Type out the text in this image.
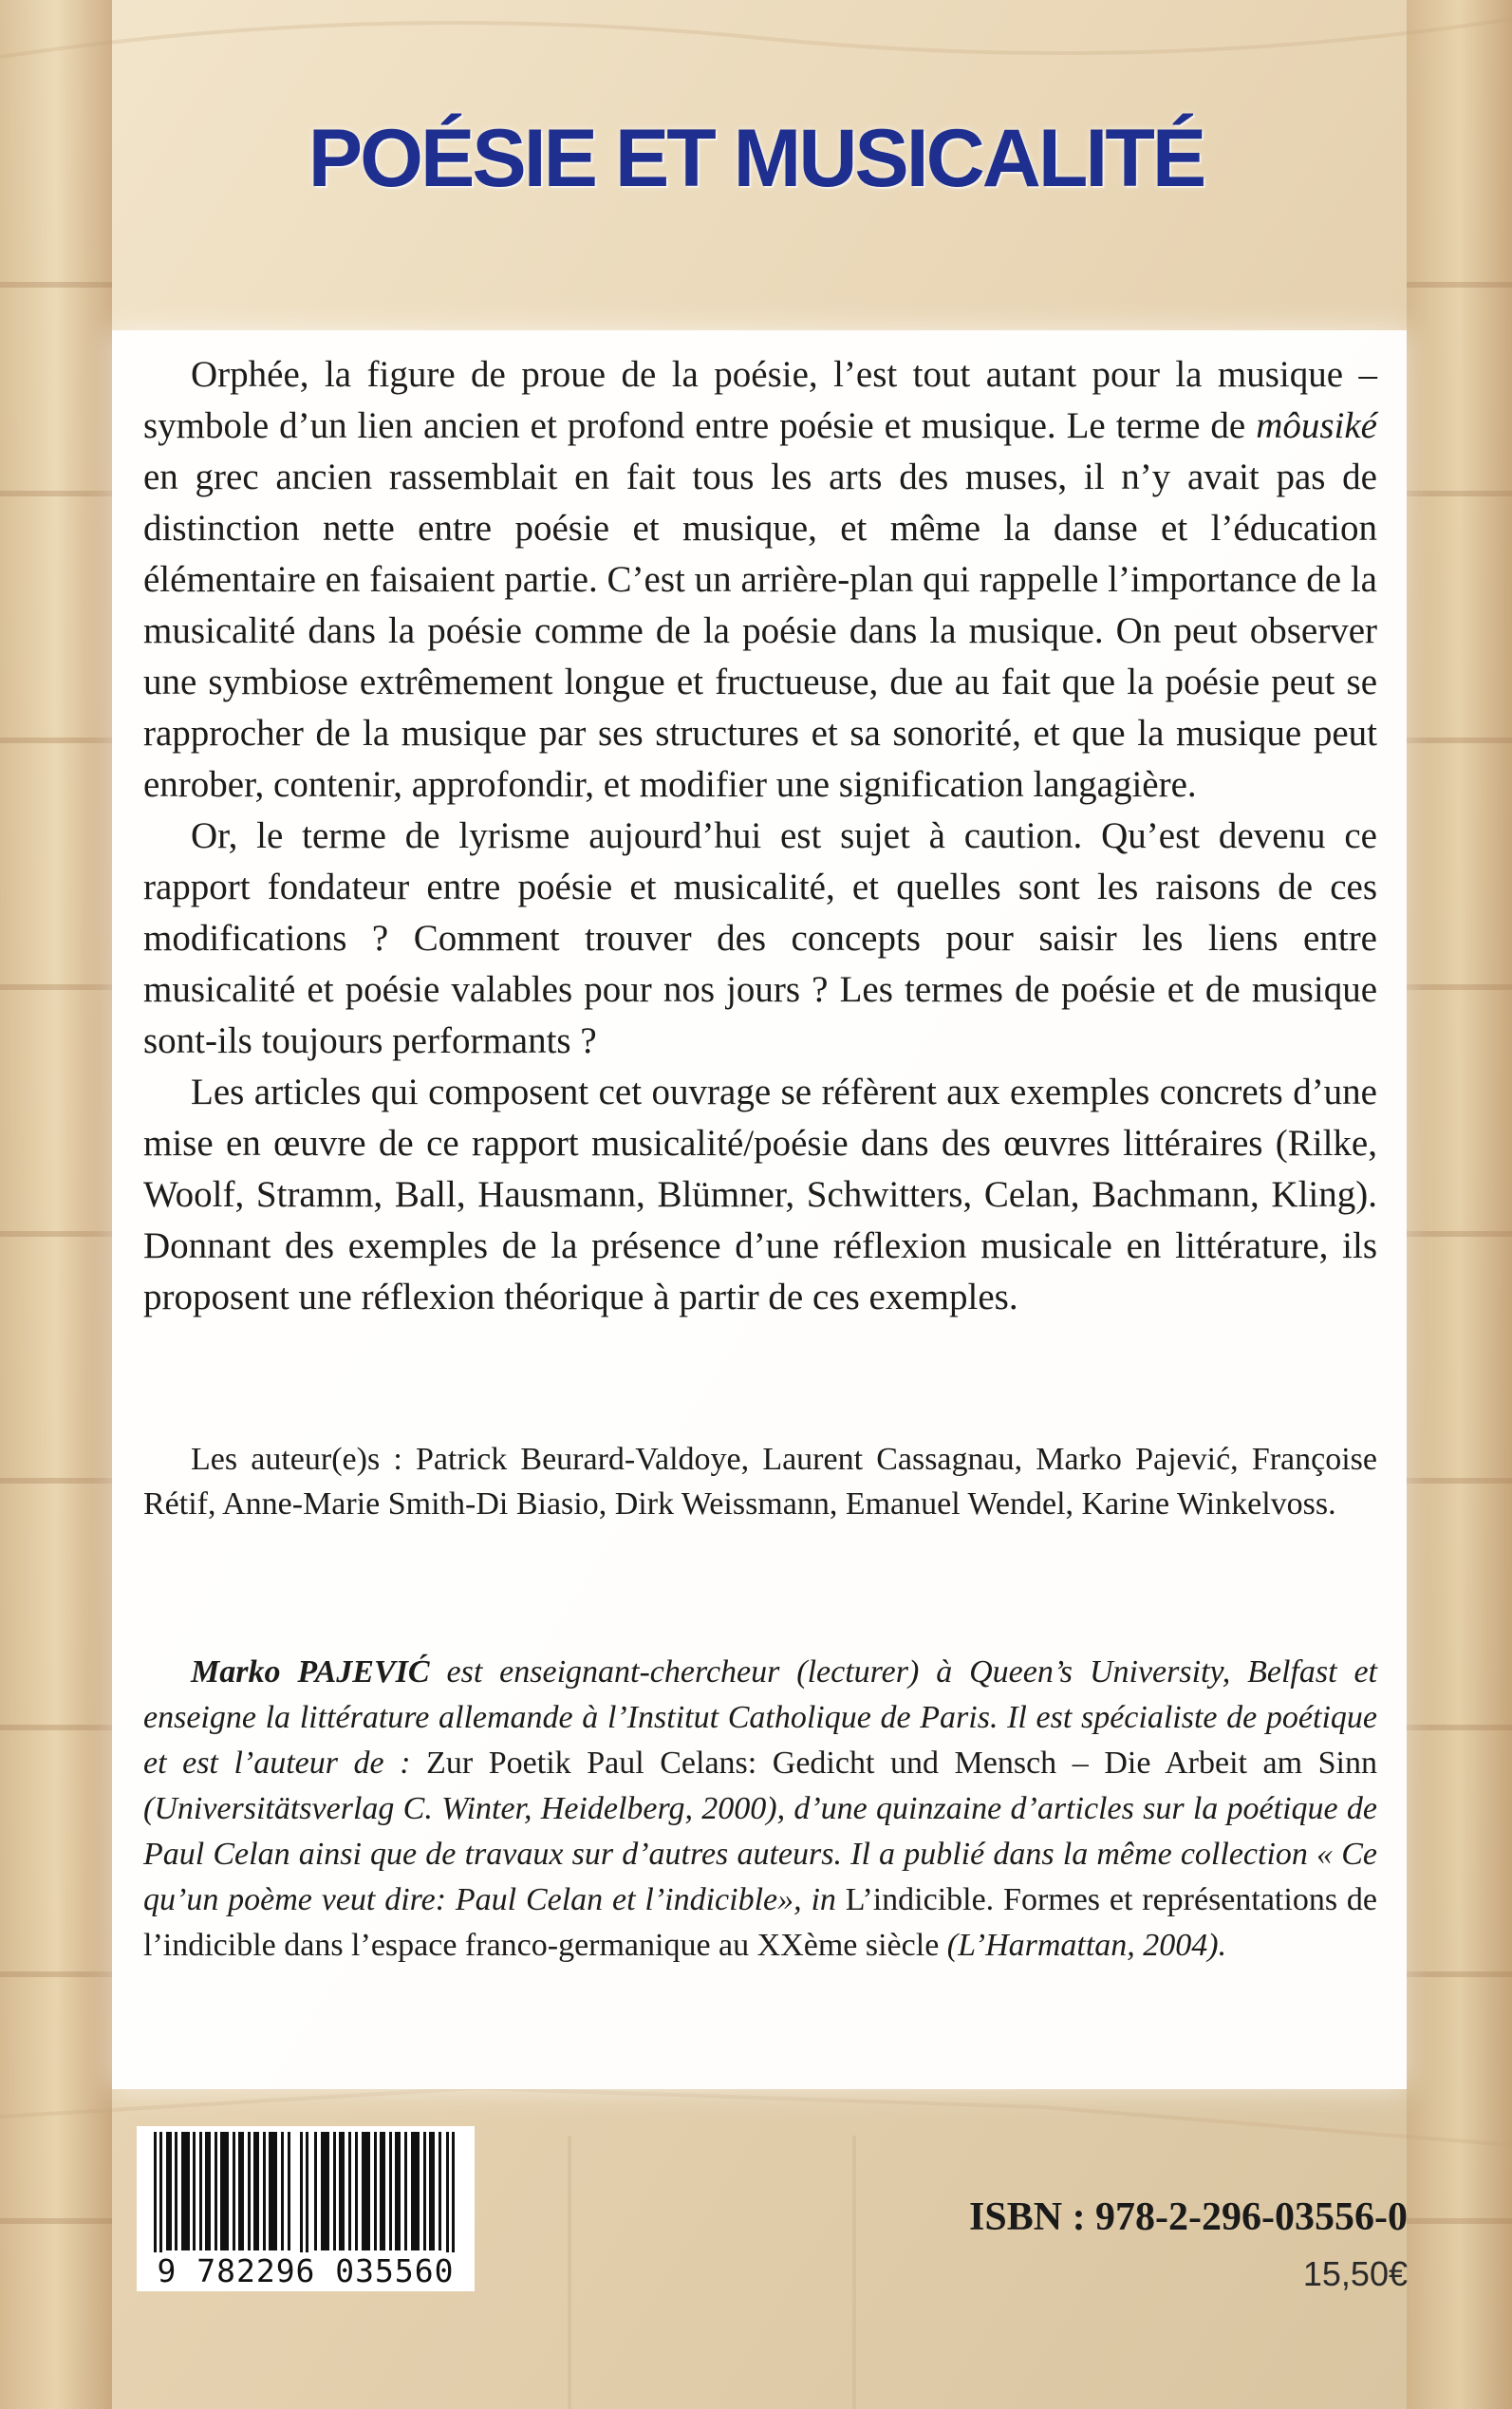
POÉSIE ET MUSICALITÉ

Orphée, la figure de proue de la poésie, l’est tout autant pour la musique – symbole d’un lien ancien et profond entre poésie et musique. Le terme de môusiké en grec ancien rassemblait en fait tous les arts des muses, il n’y avait pas de distinction nette entre poésie et musique, et même la danse et l’éducation élémentaire en faisaient partie. C’est un arrière-plan qui rappelle l’importance de la musicalité dans la poésie comme de la poésie dans la musique. On peut observer une symbiose extrêmement longue et fructueuse, due au fait que la poésie peut se rapprocher de la musique par ses structures et sa sonorité, et que la musique peut enrober, contenir, approfondir, et modifier une signification langagière.

Or, le terme de lyrisme aujourd’hui est sujet à caution. Qu’est devenu ce rapport fondateur entre poésie et musicalité, et quelles sont les raisons de ces modifications ? Comment trouver des concepts pour saisir les liens entre musicalité et poésie valables pour nos jours ? Les termes de poésie et de musique sont-ils toujours performants ?

Les articles qui composent cet ouvrage se réfèrent aux exemples concrets d’une mise en œuvre de ce rapport musicalité/poésie dans des œuvres littéraires (Rilke, Woolf, Stramm, Ball, Hausmann, Blümner, Schwitters, Celan, Bachmann, Kling). Donnant des exemples de la présence d’une réflexion musicale en littérature, ils proposent une réflexion théorique à partir de ces exemples.

Les auteur(e)s : Patrick Beurard-Valdoye, Laurent Cassagnau, Marko Pajević, Françoise Rétif, Anne-Marie Smith-Di Biasio, Dirk Weissmann, Emanuel Wendel, Karine Winkelvoss.

Marko PAJEVIĆ est enseignant-chercheur (lecturer) à Queen’s University, Belfast et enseigne la littérature allemande à l’Institut Catholique de Paris. Il est spécialiste de poétique et est l’auteur de : Zur Poetik Paul Celans: Gedicht und Mensch – Die Arbeit am Sinn (Universitätsverlag C. Winter, Heidelberg, 2000), d’une quinzaine d’articles sur la poétique de Paul Celan ainsi que de travaux sur d’autres auteurs. Il a publié dans la même collection « Ce qu’un poème veut dire: Paul Celan et l’indicible», in L’indicible. Formes et représentations de l’indicible dans l’espace franco-germanique au XXème siècle (L’Harmattan, 2004).

9 782296 035560
ISBN : 978-2-296-03556-0
15,50€
